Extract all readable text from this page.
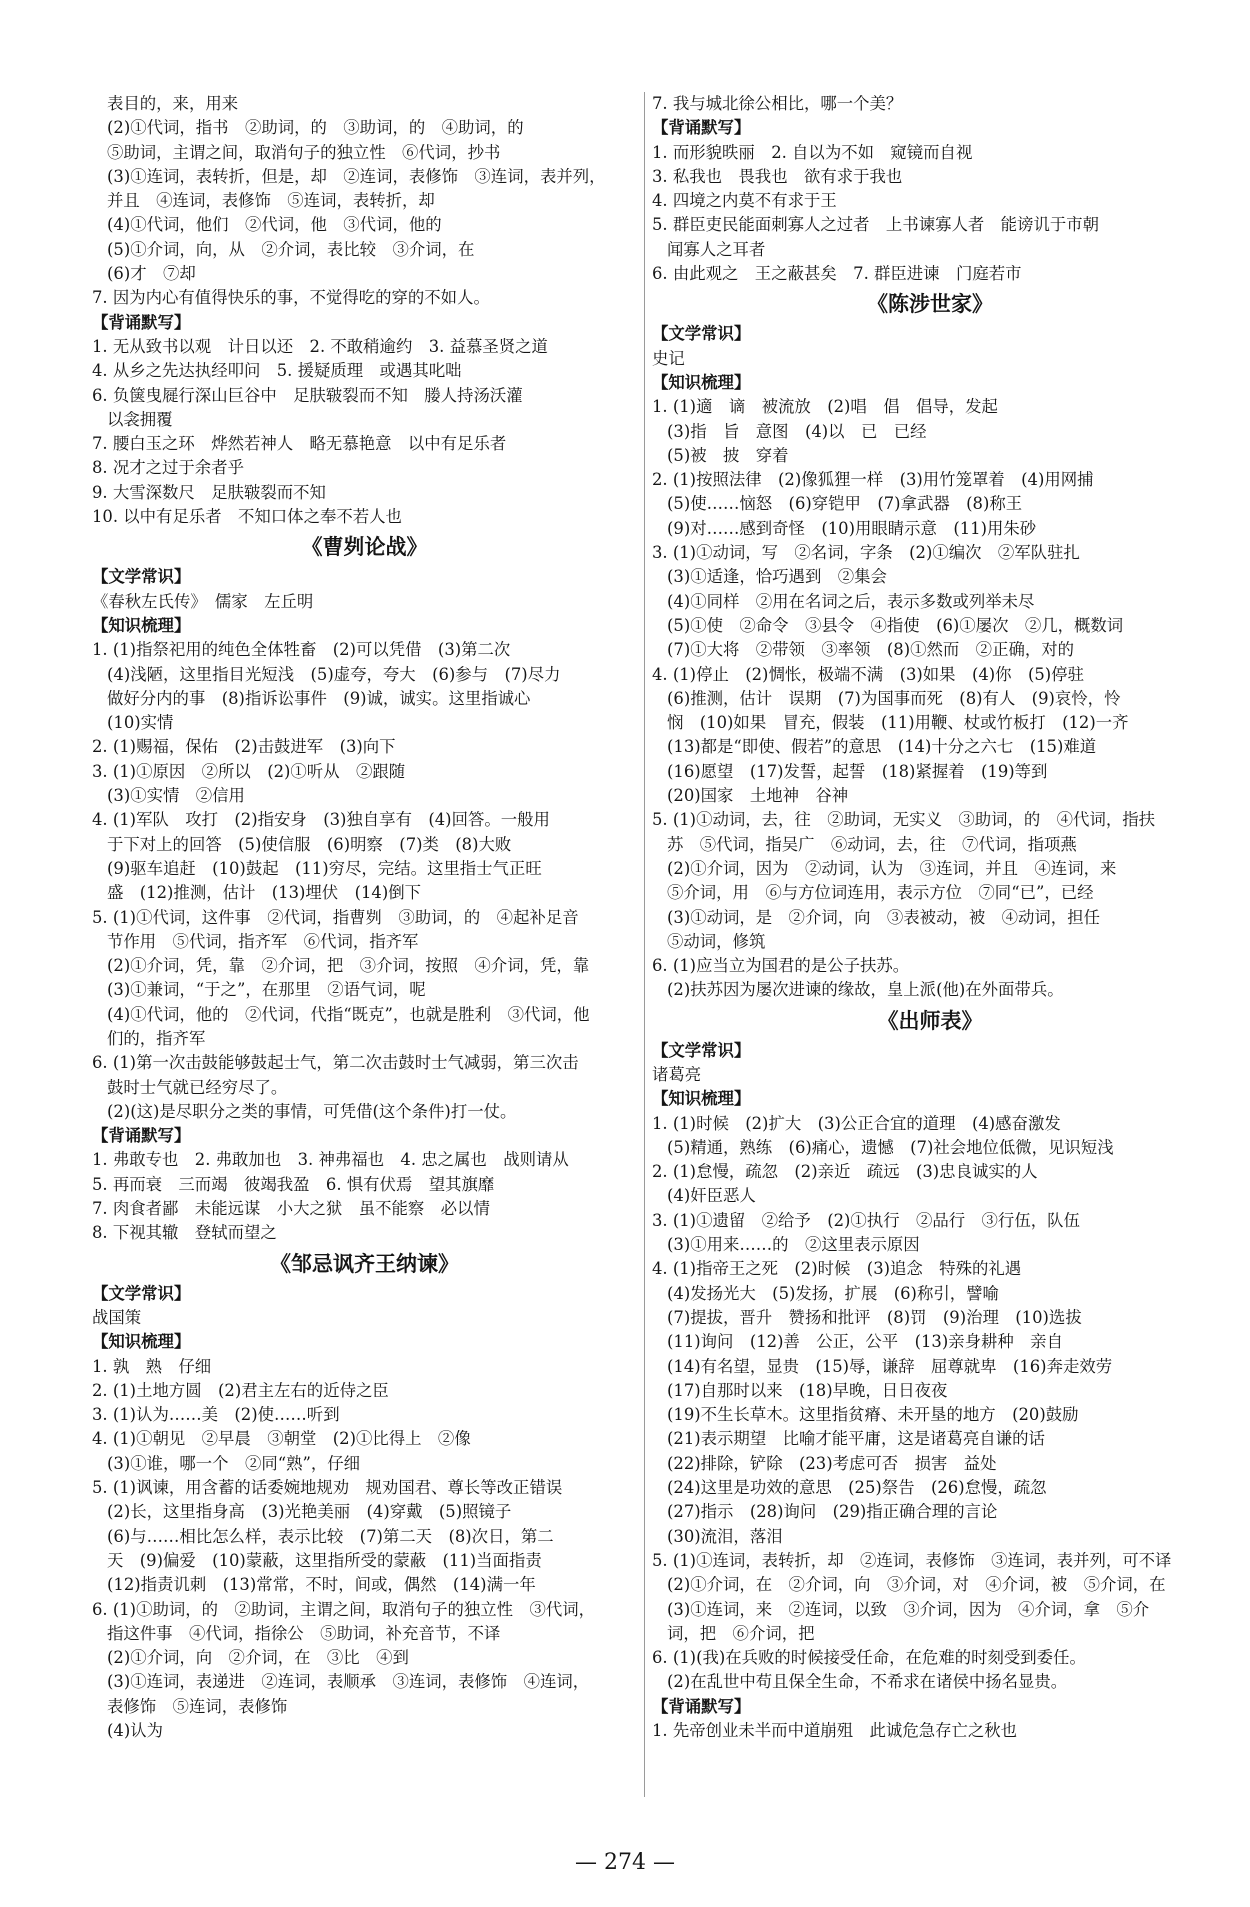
表目的，来，用来
(2)①代词，指书　②助词，的　③助词，的　④助词，的
⑤助词，主谓之间，取消句子的独立性　⑥代词，抄书
(3)①连词，表转折，但是，却　②连词，表修饰　③连词，表并列，
并且　④连词，表修饰　⑤连词，表转折，却
(4)①代词，他们　②代词，他　③代词，他的
(5)①介词，向，从　②介词，表比较　③介词，在
(6)才　⑦却
7. 因为内心有值得快乐的事，不觉得吃的穿的不如人。
【背诵默写】
1. 无从致书以观　计日以还　2. 不敢稍逾约　3. 益慕圣贤之道
4. 从乡之先达执经叩问　5. 援疑质理　或遇其叱咄
6. 负箧曳屣行深山巨谷中　足肤皲裂而不知　媵人持汤沃灌
以衾拥覆
7. 腰白玉之环　烨然若神人　略无慕艳意　以中有足乐者
8. 况才之过于余者乎
9. 大雪深数尺　足肤皲裂而不知
10. 以中有足乐者　不知口体之奉不若人也
《曹刿论战》
【文学常识】
《春秋左氏传》　儒家　左丘明
【知识梳理】
1. (1)指祭祀用的纯色全体牲畜　(2)可以凭借　(3)第二次
(4)浅陋，这里指目光短浅　(5)虚夸，夸大　(6)参与　(7)尽力
做好分内的事　(8)指诉讼事件　(9)诚，诚实。这里指诚心
(10)实情
2. (1)赐福，保佑　(2)击鼓进军　(3)向下
3. (1)①原因　②所以　(2)①听从　②跟随
(3)①实情　②信用
4. (1)军队　攻打　(2)指安身　(3)独自享有　(4)回答。一般用
于下对上的回答　(5)使信服　(6)明察　(7)类　(8)大败
(9)驱车追赶　(10)鼓起　(11)穷尽，完结。这里指士气正旺
盛　(12)推测，估计　(13)埋伏　(14)倒下
5. (1)①代词，这件事　②代词，指曹刿　③助词，的　④起补足音
节作用　⑤代词，指齐军　⑥代词，指齐军
(2)①介词，凭，靠　②介词，把　③介词，按照　④介词，凭，靠
(3)①兼词，“于之”，在那里　②语气词，呢
(4)①代词，他的　②代词，代指“既克”，也就是胜利　③代词，他
们的，指齐军
6. (1)第一次击鼓能够鼓起士气，第二次击鼓时士气减弱，第三次击
鼓时士气就已经穷尽了。
(2)(这)是尽职分之类的事情，可凭借(这个条件)打一仗。
【背诵默写】
1. 弗敢专也　2. 弗敢加也　3. 神弗福也　4. 忠之属也　战则请从
5. 再而衰　三而竭　彼竭我盈　6. 惧有伏焉　望其旗靡
7. 肉食者鄙　未能远谋　小大之狱　虽不能察　必以情
8. 下视其辙　登轼而望之
《邹忌讽齐王纳谏》
【文学常识】
战国策
【知识梳理】
1. 孰　熟　仔细
2. (1)土地方圆　(2)君主左右的近侍之臣
3. (1)认为……美　(2)使……听到
4. (1)①朝见　②早晨　③朝堂　(2)①比得上　②像
(3)①谁，哪一个　②同“熟”，仔细
5. (1)讽谏，用含蓄的话委婉地规劝　规劝国君、尊长等改正错误
(2)长，这里指身高　(3)光艳美丽　(4)穿戴　(5)照镜子
(6)与……相比怎么样，表示比较　(7)第二天　(8)次日，第二
天　(9)偏爱　(10)蒙蔽，这里指所受的蒙蔽　(11)当面指责
(12)指责讥刺　(13)常常，不时，间或，偶然　(14)满一年
6. (1)①助词，的　②助词，主谓之间，取消句子的独立性　③代词，
指这件事　④代词，指徐公　⑤助词，补充音节，不译
(2)①介词，向　②介词，在　③比　④到
(3)①连词，表递进　②连词，表顺承　③连词，表修饰　④连词，
表修饰　⑤连词，表修饰
(4)认为
7. 我与城北徐公相比，哪一个美？
【背诵默写】
1. 而形貌昳丽　2. 自以为不如　窥镜而自视
3. 私我也　畏我也　欲有求于我也
4. 四境之内莫不有求于王
5. 群臣吏民能面刺寡人之过者　上书谏寡人者　能谤讥于市朝
闻寡人之耳者
6. 由此观之　王之蔽甚矣　7. 群臣进谏　门庭若市
《陈涉世家》
【文学常识】
史记
【知识梳理】
1. (1)適　谪　被流放　(2)唱　倡　倡导，发起
(3)指　旨　意图　(4)以　已　已经
(5)被　披　穿着
2. (1)按照法律　(2)像狐狸一样　(3)用竹笼罩着　(4)用网捕
(5)使……恼怒　(6)穿铠甲　(7)拿武器　(8)称王
(9)对……感到奇怪　(10)用眼睛示意　(11)用朱砂
3. (1)①动词，写　②名词，字条　(2)①编次　②军队驻扎
(3)①适逢，恰巧遇到　②集会
(4)①同样　②用在名词之后，表示多数或列举未尽
(5)①使　②命令　③县令　④指使　(6)①屡次　②几，概数词
(7)①大将　②带领　③率领　(8)①然而　②正确，对的
4. (1)停止　(2)惆怅，极端不满　(3)如果　(4)你　(5)停驻
(6)推测，估计　误期　(7)为国事而死　(8)有人　(9)哀怜，怜
悯　(10)如果　冒充，假装　(11)用鞭、杖或竹板打　(12)一齐
(13)都是“即使、假若”的意思　(14)十分之六七　(15)难道
(16)愿望　(17)发誓，起誓　(18)紧握着　(19)等到
(20)国家　土地神　谷神
5. (1)①动词，去，往　②助词，无实义　③助词，的　④代词，指扶
苏　⑤代词，指吴广　⑥动词，去，往　⑦代词，指项燕
(2)①介词，因为　②动词，认为　③连词，并且　④连词，来
⑤介词，用　⑥与方位词连用，表示方位　⑦同“已”，已经
(3)①动词，是　②介词，向　③表被动，被　④动词，担任
⑤动词，修筑
6. (1)应当立为国君的是公子扶苏。
(2)扶苏因为屡次进谏的缘故，皇上派(他)在外面带兵。
《出师表》
【文学常识】
诸葛亮
【知识梳理】
1. (1)时候　(2)扩大　(3)公正合宜的道理　(4)感奋激发
(5)精通，熟练　(6)痛心，遗憾　(7)社会地位低微，见识短浅
2. (1)怠慢，疏忽　(2)亲近　疏远　(3)忠良诚实的人
(4)奸臣恶人
3. (1)①遗留　②给予　(2)①执行　②品行　③行伍，队伍
(3)①用来……的　②这里表示原因
4. (1)指帝王之死　(2)时候　(3)追念　特殊的礼遇
(4)发扬光大　(5)发扬，扩展　(6)称引，譬喻
(7)提拔，晋升　赞扬和批评　(8)罚　(9)治理　(10)选拔
(11)询问　(12)善　公正，公平　(13)亲身耕种　亲自
(14)有名望，显贵　(15)辱，谦辞　屈尊就卑　(16)奔走效劳
(17)自那时以来　(18)早晚，日日夜夜
(19)不生长草木。这里指贫瘠、未开垦的地方　(20)鼓励
(21)表示期望　比喻才能平庸，这是诸葛亮自谦的话
(22)排除，铲除　(23)考虑可否　损害　益处
(24)这里是功效的意思　(25)祭告　(26)怠慢，疏忽
(27)指示　(28)询问　(29)指正确合理的言论
(30)流泪，落泪
5. (1)①连词，表转折，却　②连词，表修饰　③连词，表并列，可不译
(2)①介词，在　②介词，向　③介词，对　④介词，被　⑤介词，在
(3)①连词，来　②连词，以致　③介词，因为　④介词，拿　⑤介
词，把　⑥介词，把
6. (1)(我)在兵败的时候接受任命，在危难的时刻受到委任。
(2)在乱世中苟且保全生命，不希求在诸侯中扬名显贵。
【背诵默写】
1. 先帝创业未半而中道崩殂　此诚危急存亡之秋也
— 274 —
